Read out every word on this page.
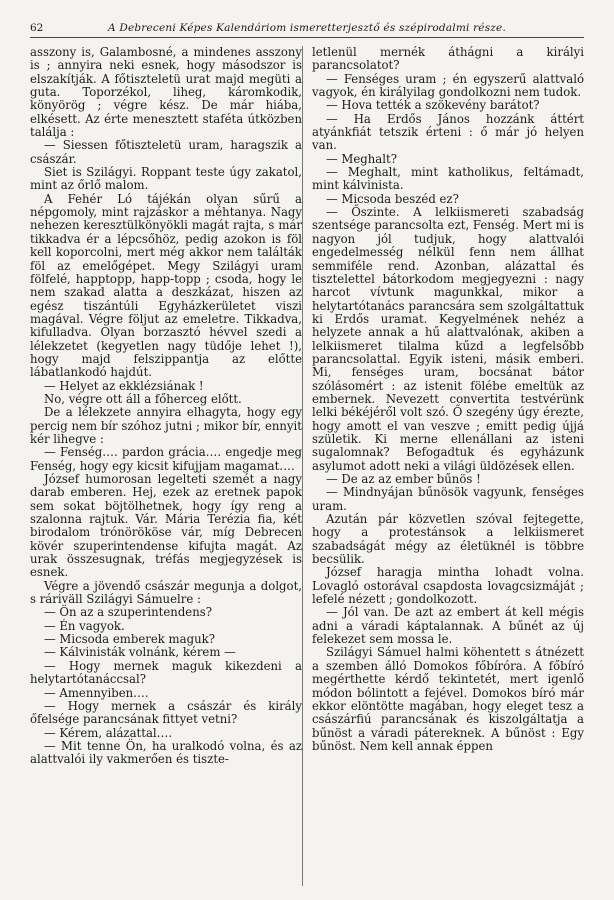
62	A Debreceni Képes Kalendáriom ismeretterjesztő és szépirodalmi része.

asszony is, Galambosné, a mindenes asszony is ; annyira neki esnek, hogy másodszor is elszakítják. A főtiszteletü urat majd megüti a guta. Toporzékol, liheg, káromkodik, könyörög ; végre kész. De már hiába, elkésett. Az érte menesztett staféta útközben találja :

— Siessen főtiszteletü uram, haragszik a császár.

Siet is Szilágyi. Roppant teste úgy zakatol, mint az őrlő malom.

A Fehér Ló tájékán olyan sűrű a népgomoly, mint rajzáskor a méhtanya. Nagy nehezen keresztülkönyökli magát rajta, s már tikkadva ér a lépcsőhöz, pedig azokon is föl kell koporcolni, mert még akkor nem találták föl az emelőgépet. Megy Szilágyi uram fölfelé, happtopp, happ-topp ; csoda, hogy le nem szakad alatta a deszkázat, hiszen az egész tiszántúli Egyházkerületet viszi magával. Végre följut az emeletre. Tikkadva, kifulladva. Olyan borzasztó hévvel szedi a lélekzetet (kegyetlen nagy tüdője lehet !), hogy majd felszippantja az előtte lábatlankodó hajdút.

— Helyet az ekklézsiának !

No, végre ott áll a főherceg előtt.

De a lélekzete annyira elhagyta, hogy egy percig nem bír szóhoz jutni ; mikor bír, ennyit kér lihegve :

— Fenség…. pardon grácia…. engedje meg Fenség, hogy egy kicsit kifujjam magamat….

József humorosan legelteti szemét a nagy darab emberen. Hej, ezek az eretnek papok sem sokat böjtölhetnek, hogy így reng a szalonna rajtuk. Vár. Mária Terézia fia, két birodalom trónörököse vár, míg Debrecen kövér szuperintendense kifujta magát. Az urak összesugnak, tréfás megjegyzések is esnek.

Végre a jövendő császár megunja a dolgot, s ráriväll Szilágyi Sámuelre :

— Ön az a szuperintendens?

— Én vagyok.

— Micsoda emberek maguk?

— Kálvinisták volnánk, kérem —

— Hogy mernek maguk kikezdeni a helytartótanáccsal?

— Amennyiben….

— Hogy mernek a császár és király őfelsége parancsának fittyet vetni?

— Kérem, alázattal….

— Mit tenne Ön, ha uralkodó volna, és az alattvalói ily vakmerően és tiszte-

letlenül mernék áthágni a királyi parancsolatot?

— Fenséges uram ; én egyszerű alattvaló vagyok, én királyilag gondolkozni nem tudok.

— Hova tették a szökevény barátot?

— Ha Erdős János hozzánk áttért atyánkfiát tetszik érteni : ő már jó helyen van.

— Meghalt?

— Meghalt, mint katholikus, feltámadt, mint kálvinista.

— Micsoda beszéd ez?

— Őszinte. A lelkiismereti szabadság szentsége parancsolta ezt, Fenség. Mert mi is nagyon jól tudjuk, hogy alattvalói engedelmesség nélkül fenn nem állhat semmiféle rend. Azonban, alázattal és tisztelettel bátorkodom megjegyezni : nagy harcot vívtunk magunkkal, mikor a helytartótanács parancsára sem szolgáltattuk ki Erdős uramat. Kegyelmének nehéz a helyzete annak a hű alattvalónak, akiben a lelkiismeret tilalma kűzd a legfelsőbb parancsolattal. Egyik isteni, másik emberi. Mi, fenséges uram, bocsánat bátor szólásomért : az istenit fölébe emeltük az embernek. Nevezett convertita testvérünk lelki békéjéről volt szó. Ő szegény úgy érezte, hogy amott el van veszve ; emitt pedig újjá születik. Ki merne ellenállani az isteni sugalomnak? Befogadtuk és egyházunk asylumot adott neki a világi üldözések ellen.

— De az az ember bűnös !

— Mindnyájan bűnösök vagyunk, fenséges uram.

Azután pár közvetlen szóval fejtegette, hogy a protestánsok a lelkiismeret szabadságát mégy az életüknél is többre becsülik.

József haragja mintha lohadt volna. Lovagló ostorával csapdosta lovagcsizmáját ; lefelé nézett ; gondolkozott.

— Jól van. De azt az embert át kell mégis adni a váradi káptalannak. A bűnét az új felekezet sem mossa le.

Szilágyi Sámuel halmi köhentett s átnézett a szemben álló Domokos főbíróra. A főbíró megérthette kérdő tekintetét, mert igenlő módon bólintott a fejével. Domokos bíró már ekkor elöntötte magában, hogy eleget tesz a császárfiú parancsának és kiszolgáltatja a bűnöst a váradi pátereknek. A bűnöst : Egy bűnöst. Nem kell annak éppen
